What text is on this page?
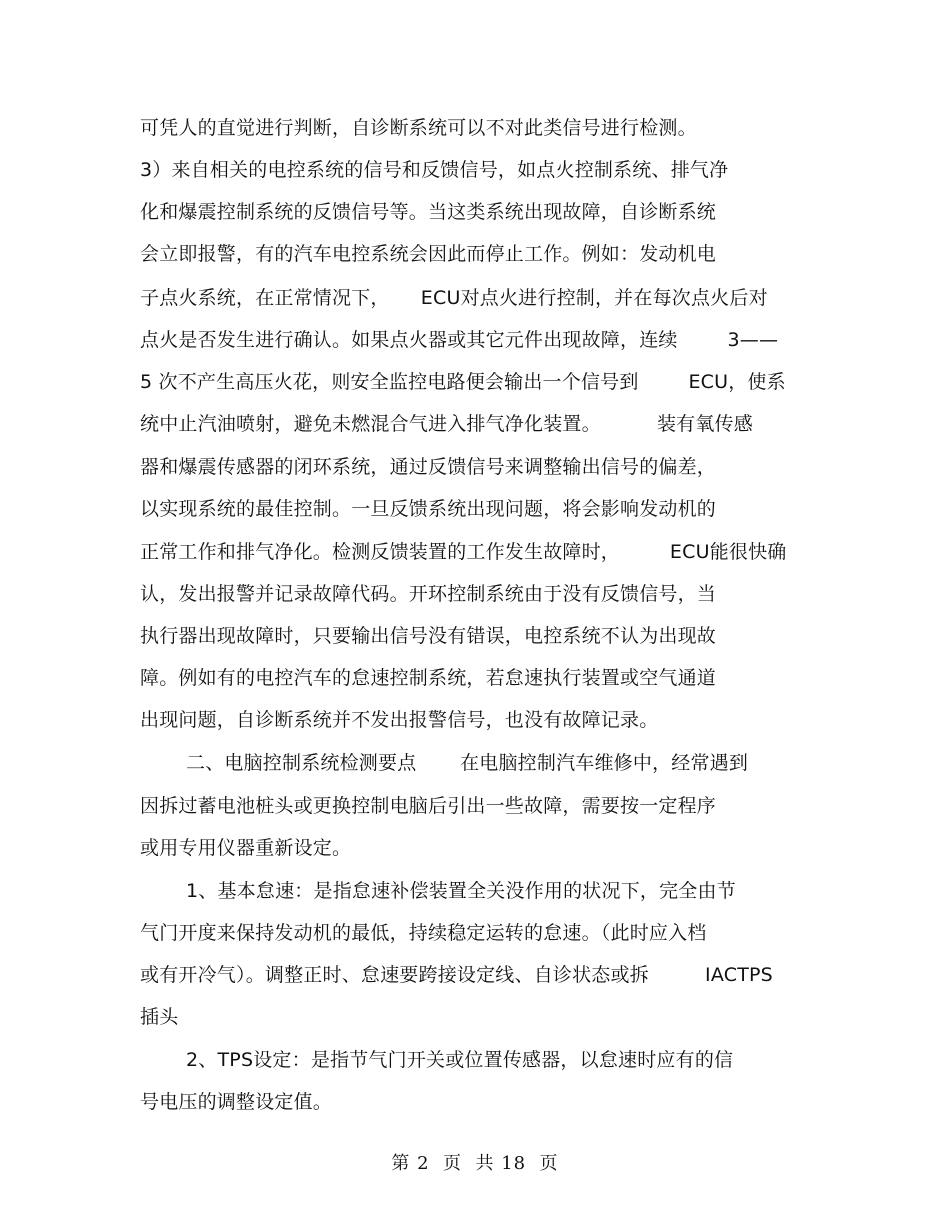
可凭人的直觉进行判断，自诊断系统可以不对此类信号进行检测。
3）来自相关的电控系统的信号和反馈信号，如点火控制系统、排气净
化和爆震控制系统的反馈信号等。当这类系统出现故障，自诊断系统
会立即报警，有的汽车电控系统会因此而停止工作。例如：发动机电
子点火系统，在正常情况下，     ECU对点火进行控制，并在每次点火后对
点火是否发生进行确认。如果点火器或其它元件出现故障，连续        3——
5 次不产生高压火花，则安全监控电路便会输出一个信号到        ECU，使系
统中止汽油喷射，避免未燃混合气进入排气净化装置。         装有氧传感
器和爆震传感器的闭环系统，通过反馈信号来调整输出信号的偏差，
以实现系统的最佳控制。一旦反馈系统出现问题，将会影响发动机的
正常工作和排气净化。检测反馈装置的工作发生故障时，        ECU能很快确
认，发出报警并记录故障代码。开环控制系统由于没有反馈信号，当
执行器出现故障时，只要输出信号没有错误，电控系统不认为出现故
障。例如有的电控汽车的怠速控制系统，若怠速执行装置或空气通道
出现问题，自诊断系统并不发出报警信号，也没有故障记录。
二、电脑控制系统检测要点       在电脑控制汽车维修中，经常遇到
因拆过蓄电池桩头或更换控制电脑后引出一些故障，需要按一定程序
或用专用仪器重新设定。
1、基本怠速：是指怠速补偿装置全关没作用的状况下，完全由节
气门开度来保持发动机的最低，持续稳定运转的怠速。（此时应入档
或有开冷气）。调整正时、怠速要跨接设定线、自诊状态或拆         IACTPS
插头
2、TPS设定：是指节气门开关或位置传感器，以怠速时应有的信
号电压的调整设定值。
第 2  页  共 18  页
